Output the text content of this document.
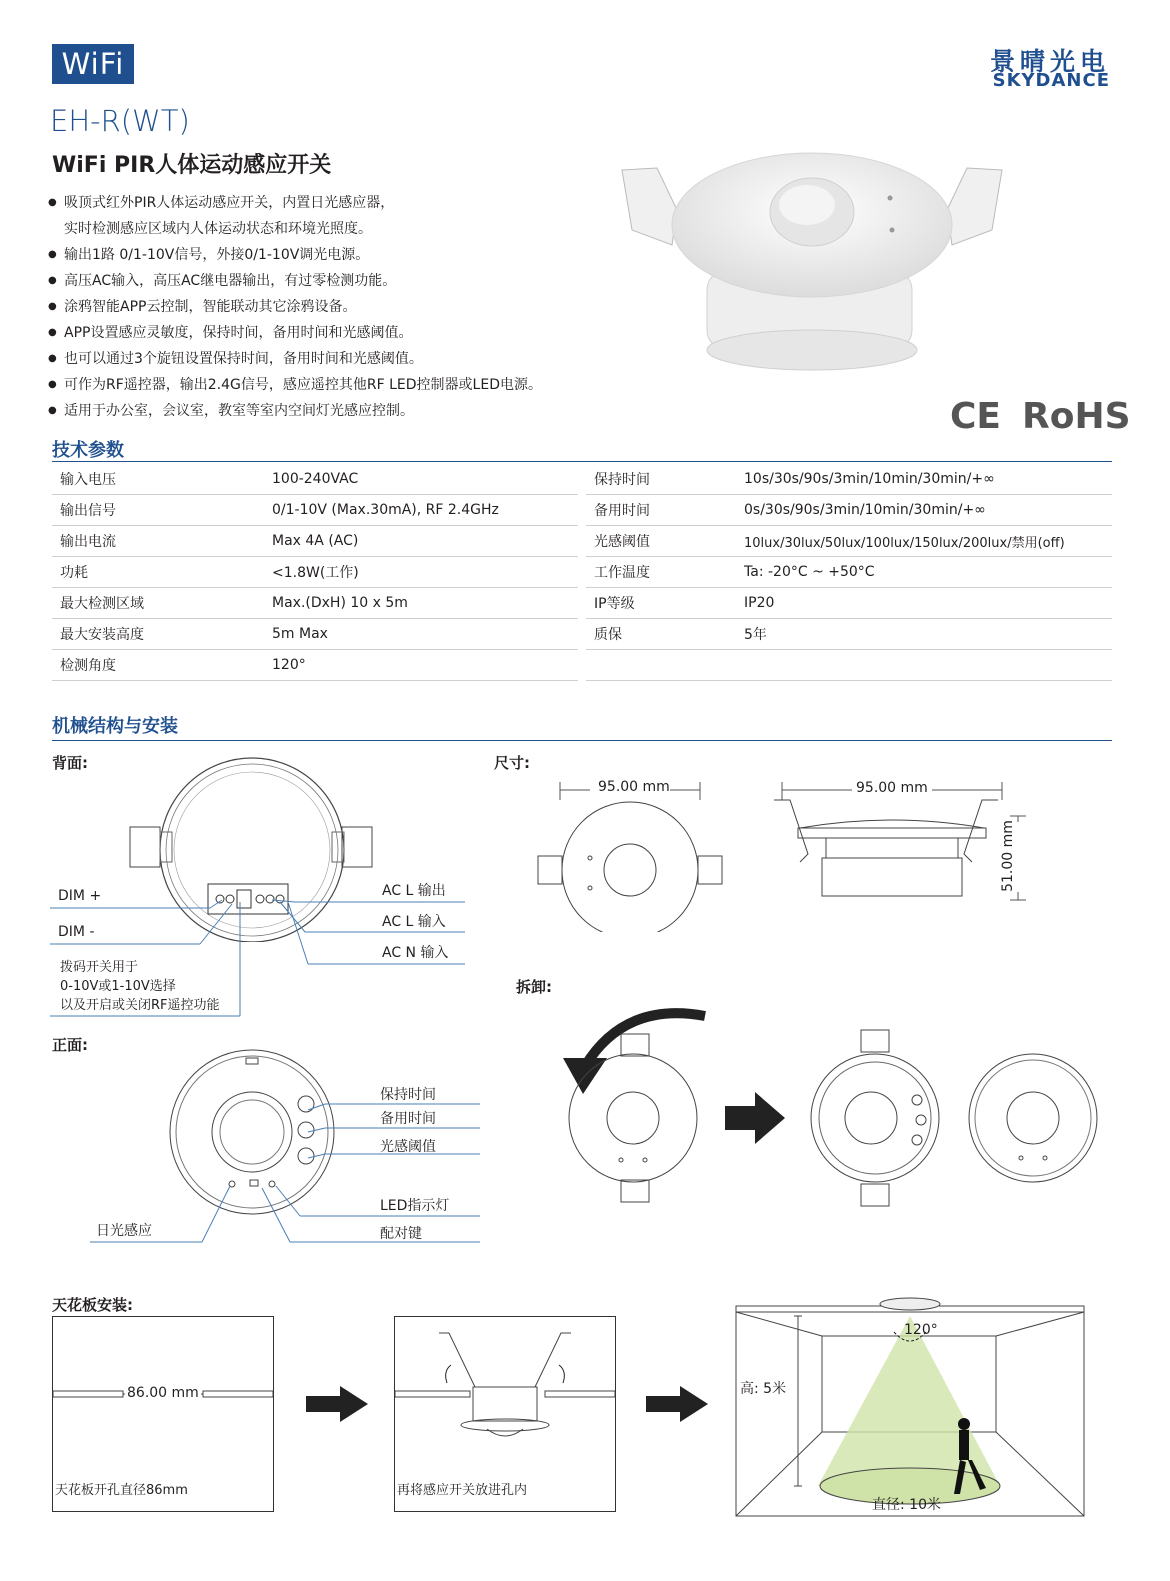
WiFi	景晴光电
SKYDANCE
EH-R(WT)
WiFi PIR人体运动感应开关
● 吸顶式红外PIR人体运动感应开关，内置日光感应器，
实时检测感应区域内人体运动状态和环境光照度。
● 输出1路 0/1-10V信号，外接0/1-10V调光电源。
● 高压AC输入，高压AC继电器输出，有过零检测功能。
● 涂鸦智能APP云控制，智能联动其它涂鸦设备。
● APP设置感应灵敏度，保持时间，备用时间和光感阈值。
● 也可以通过3个旋钮设置保持时间，备用时间和光感阈值。
● 可作为RF遥控器，输出2.4G信号，感应遥控其他RF LED控制器或LED电源。
● 适用于办公室，会议室，教室等室内空间灯光感应控制。	CE RoHS
技术参数
输入电压	100-240VAC
输出信号	0/1-10V (Max.30mA), RF 2.4GHz
输出电流	Max 4A (AC)
功耗	<1.8W(工作)
最大检测区域	Max.(DxH) 10 x 5m
最大安装高度	5m Max
检测角度	120°
保持时间	10s/30s/90s/3min/10min/30min/+∞
备用时间	0s/30s/90s/3min/10min/30min/+∞
光感阈值	10lux/30lux/50lux/100lux/150lux/200lux/禁用(off)
工作温度	Ta: -20°C ~ +50°C
IP等级	IP20
质保	5年

机械结构与安装
背面:
DIM +
DIM -
AC L 输出
AC L 输入
AC N 输入
拨码开关用于
0-10V或1-10V选择
以及开启或关闭RF遥控功能
尺寸:
95.00 mm	95.00 mm
51.00 mm
拆卸:
正面:
保持时间
备用时间
光感阈值
LED指示灯
配对键
日光感应
天花板安装:
86.00 mm
天花板开孔直径86mm	再将感应开关放进孔内
120°
高: 5米
直径: 10米
